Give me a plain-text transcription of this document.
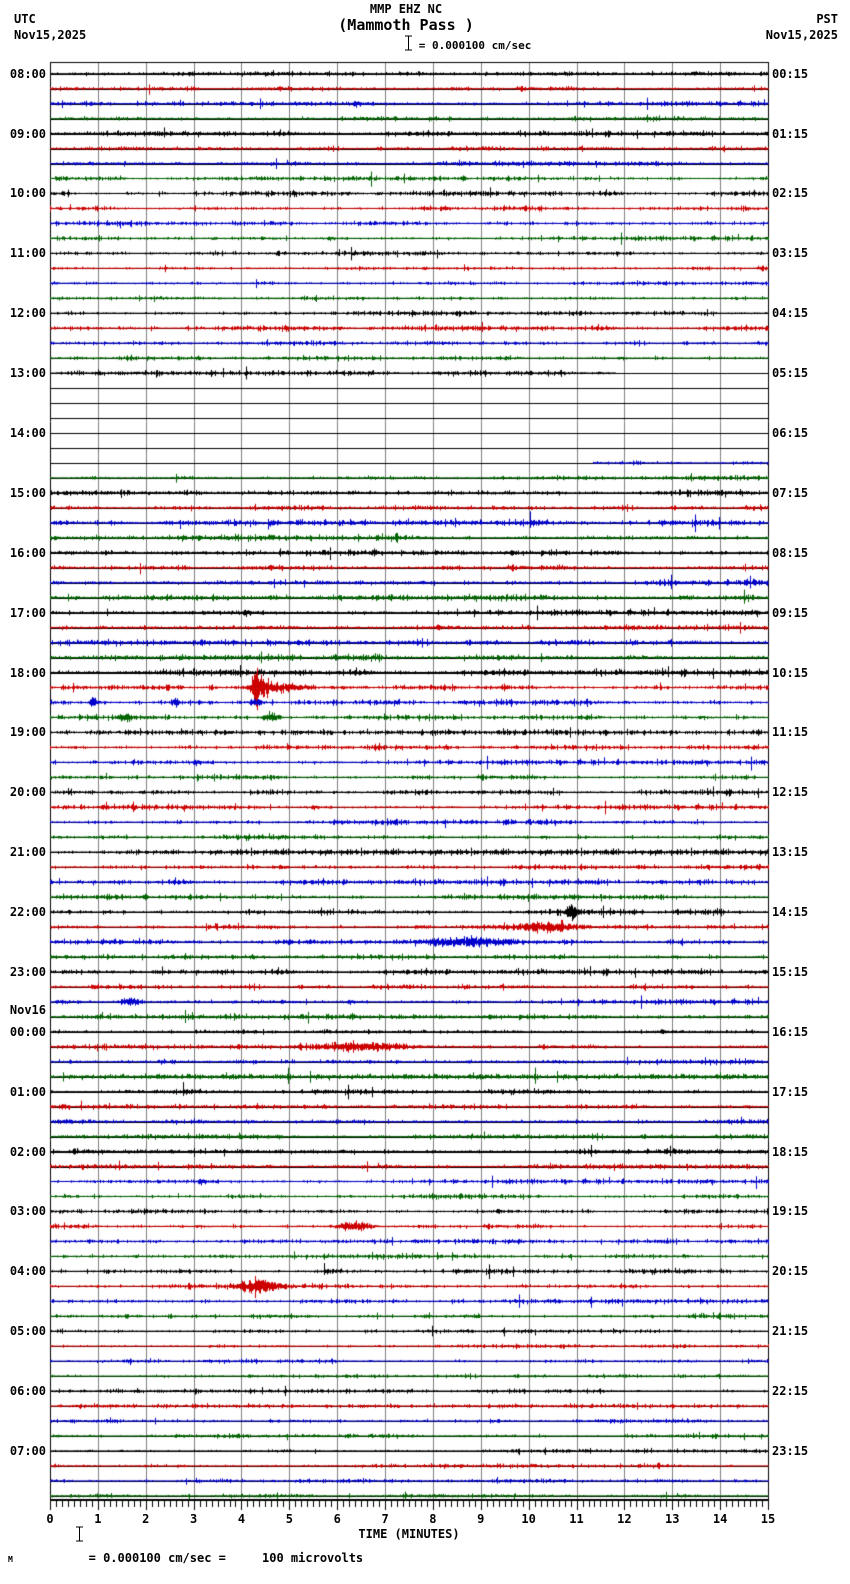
UTC
Nov15,2025
PST
Nov15,2025
MMP EHZ NC
(Mammoth Pass )

= 0.000100 cm/sec
08:00
09:00
10:00
11:00
12:00
13:00
14:00
15:00
16:00
17:00
18:00
19:00
20:00
21:00
22:00
23:00
Nov16
00:00
01:00
02:00
03:00
04:00
05:00
06:00
07:00
00:15
01:15
02:15
03:15
04:15
05:15
06:15
07:15
08:15
09:15
10:15
11:15
12:15
13:15
14:15
15:15
16:15
17:15
18:15
19:15
20:15
21:15
22:15
23:15
0	1	2	3	4	5	6	7	8	9	10	11	12	13	14	15
TIME (MINUTES)
M

	= 0.000100 cm/sec =     100 microvolts
